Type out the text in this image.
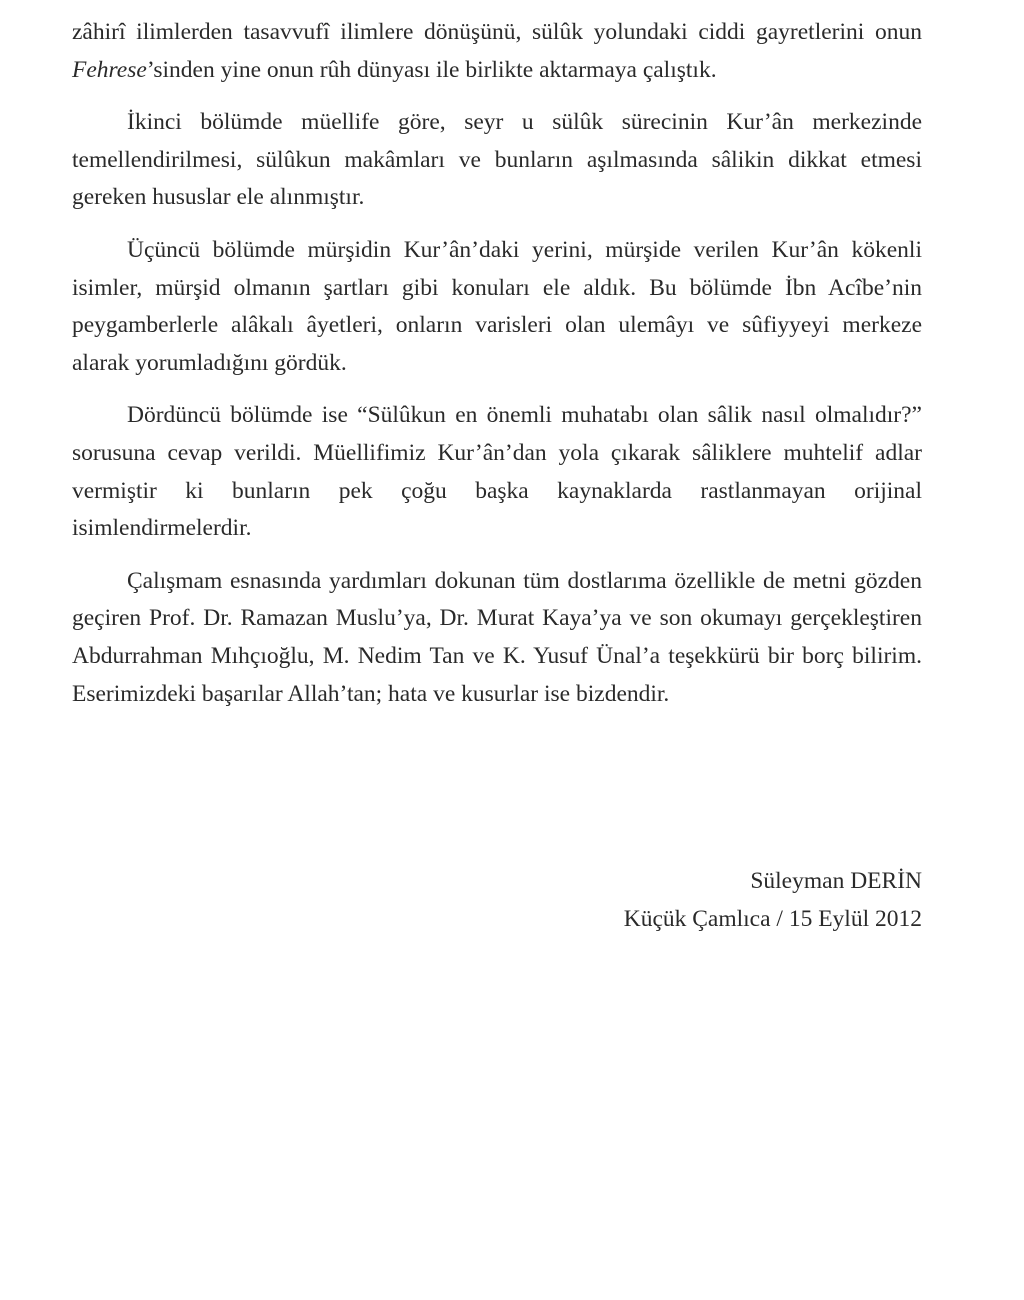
zâhirî ilimlerden tasavvufî ilimlere dönüşünü, sülûk yolundaki ciddi gayretlerini onun Fehrese’sinden yine onun rûh dünyası ile birlikte aktarmaya çalıştık.

İkinci bölümde müellife göre, seyr u sülûk sürecinin Kur’ân merkezinde temellendirilmesi, sülûkun makâmları ve bunların aşılmasında sâlikin dikkat etmesi gereken hususlar ele alınmıştır.

Üçüncü bölümde mürşidin Kur’ân’daki yerini, mürşide verilen Kur’ân kökenli isimler, mürşid olmanın şartları gibi konuları ele aldık. Bu bölümde İbn Acîbe’nin peygamberlerle alâkalı âyetleri, onların varisleri olan ulemâyı ve sûfiyyeyi merkeze alarak yorumladığını gördük.

Dördüncü bölümde ise “Sülûkun en önemli muhatabı olan sâlik nasıl olmalıdır?” sorusuna cevap verildi. Müellifimiz Kur’ân’dan yola çıkarak sâliklere muhtelif adlar vermiştir ki bunların pek çoğu başka kaynaklarda rastlanmayan orijinal isimlendirmelerdir.

Çalışmam esnasında yardımları dokunan tüm dostlarıma özellikle de metni gözden geçiren Prof. Dr. Ramazan Muslu’ya, Dr. Murat Kaya’ya ve son okumayı gerçekleştiren Abdurrahman Mıhçıoğlu, M. Nedim Tan ve K. Yusuf Ünal’a teşekkürü bir borç bilirim. Eserimizdeki başarılar Allah’tan; hata ve kusurlar ise bizdendir.

Süleyman DERİN
Küçük Çamlıca / 15 Eylül 2012
